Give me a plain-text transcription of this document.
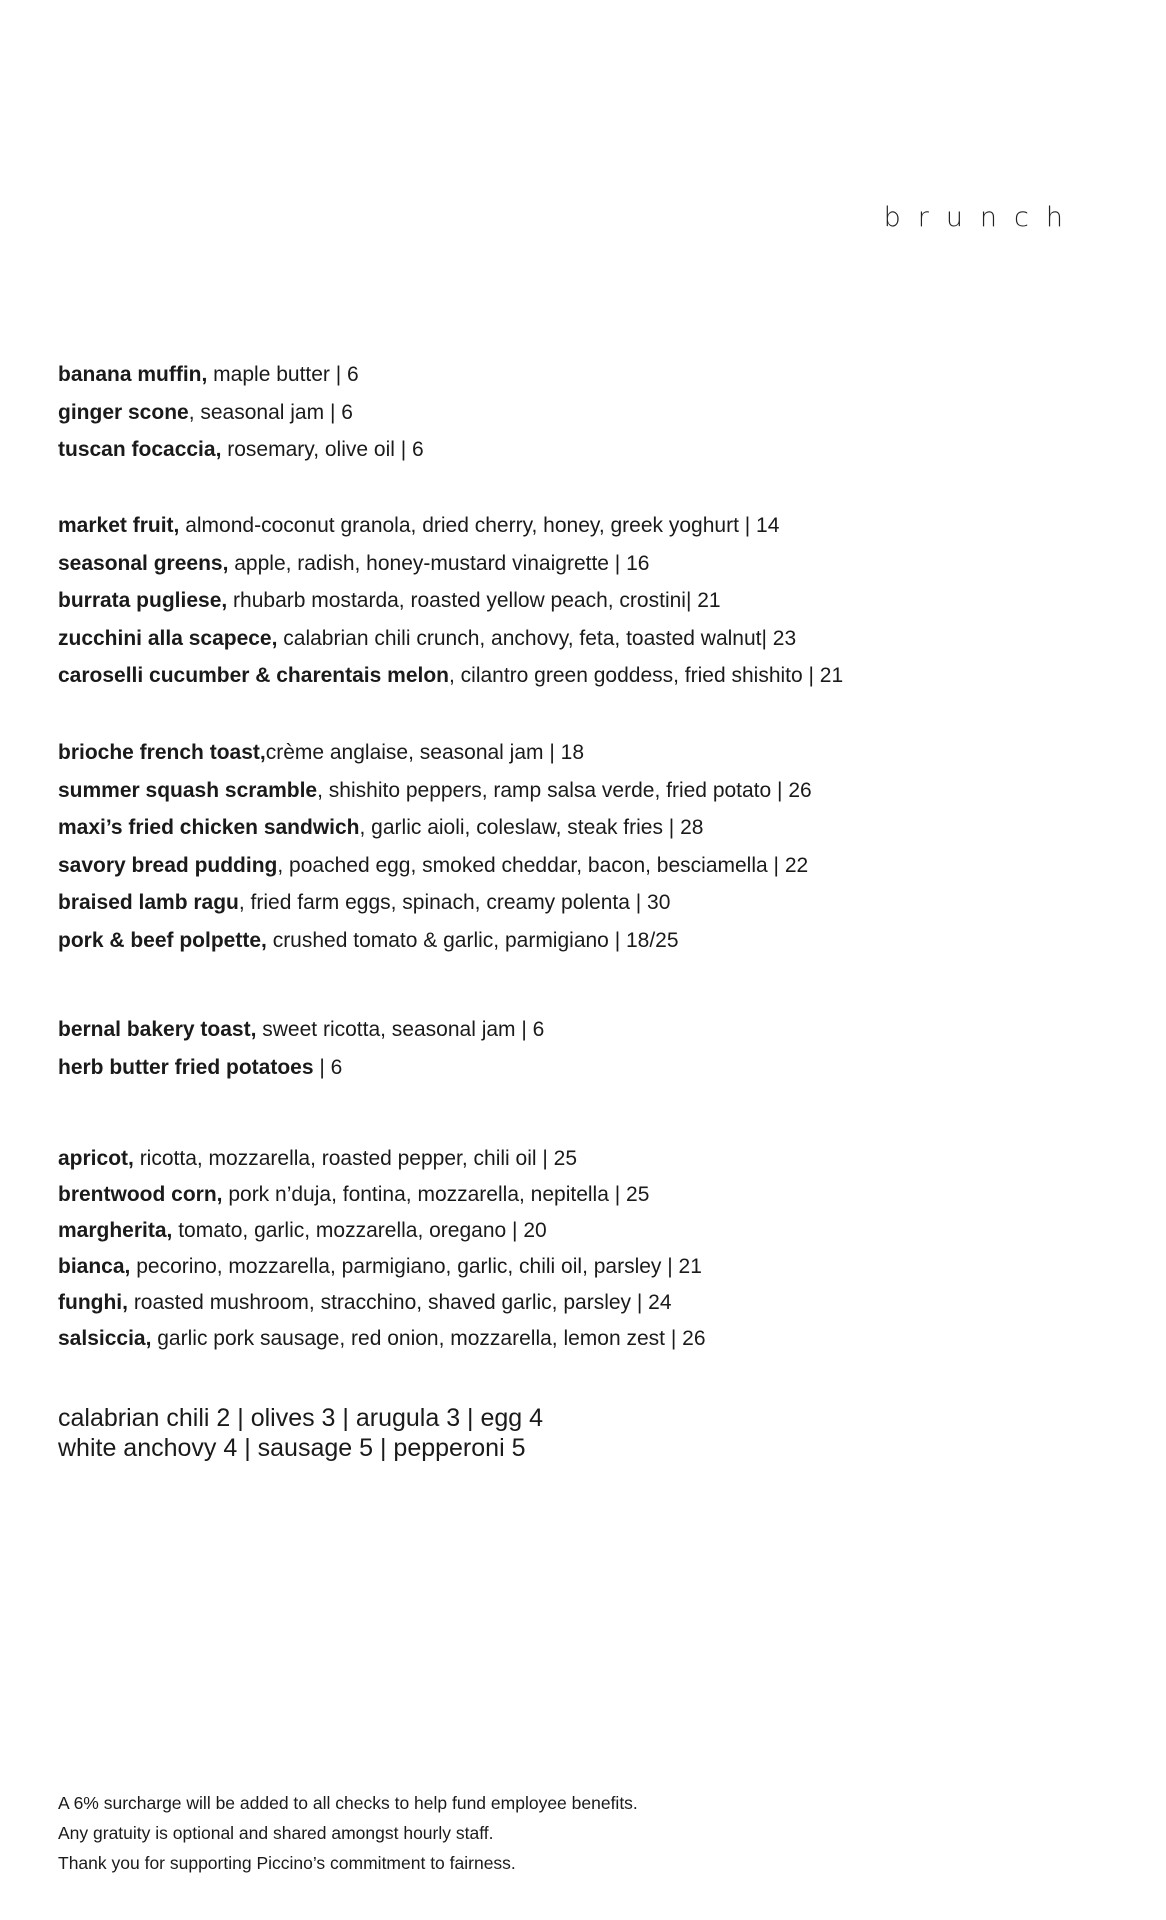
brunch
banana muffin, maple butter | 6
ginger scone, seasonal jam | 6
tuscan focaccia, rosemary, olive oil | 6
market fruit, almond-coconut granola, dried cherry, honey, greek yoghurt | 14
seasonal greens, apple, radish, honey-mustard vinaigrette | 16
burrata pugliese, rhubarb mostarda, roasted yellow peach, crostini| 21
zucchini alla scapece, calabrian chili crunch, anchovy, feta, toasted walnut| 23
caroselli cucumber & charentais melon, cilantro green goddess, fried shishito | 21
brioche french toast,crème anglaise, seasonal jam | 18
summer squash scramble, shishito peppers, ramp salsa verde, fried potato | 26
maxi’s fried chicken sandwich, garlic aioli, coleslaw, steak fries | 28
savory bread pudding, poached egg, smoked cheddar, bacon, besciamella | 22
braised lamb ragu, fried farm eggs, spinach, creamy polenta | 30
pork & beef polpette, crushed tomato & garlic, parmigiano | 18/25
bernal bakery toast, sweet ricotta, seasonal jam | 6
herb butter fried potatoes | 6
apricot, ricotta, mozzarella, roasted pepper, chili oil | 25
brentwood corn, pork n’duja, fontina, mozzarella, nepitella | 25
margherita, tomato, garlic, mozzarella, oregano | 20
bianca, pecorino, mozzarella, parmigiano, garlic, chili oil, parsley | 21
funghi, roasted mushroom, stracchino, shaved garlic, parsley | 24
salsiccia, garlic pork sausage, red onion, mozzarella, lemon zest | 26
calabrian chili 2 | olives 3 | arugula 3 | egg 4
white anchovy 4 | sausage 5 | pepperoni 5
A 6% surcharge will be added to all checks to help fund employee benefits.
Any gratuity is optional and shared amongst hourly staff.
Thank you for supporting Piccino’s commitment to fairness.
